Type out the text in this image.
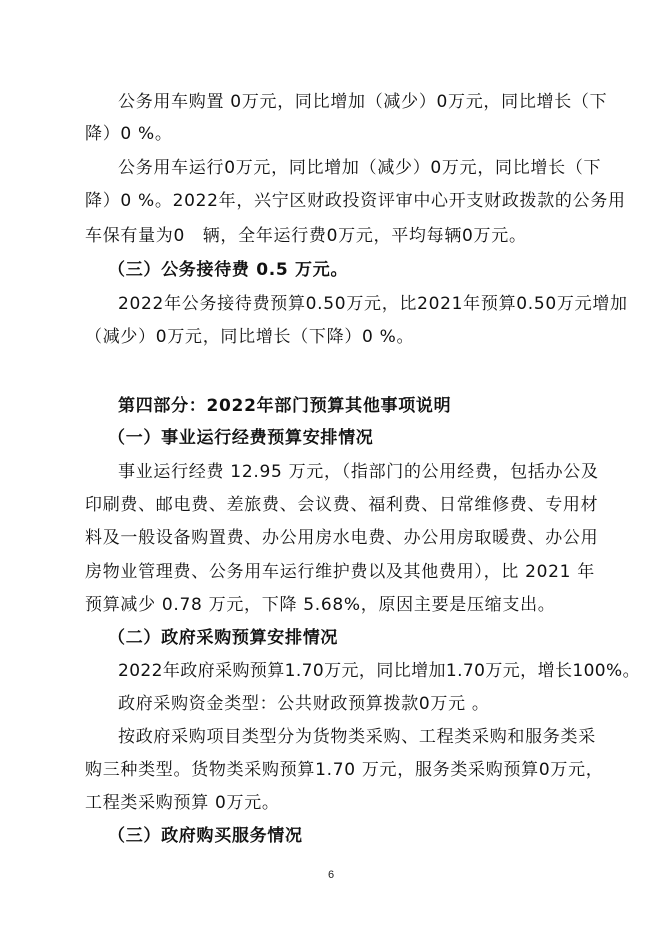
公务用车购置 0万元，同比增加（减少）0万元，同比增长（下

降）0 %。

公务用车运行0万元，同比增加（减少）0万元，同比增长（下

降）0 %。2022年，兴宁区财政投资评审中心开支财政拨款的公务用

车保有量为0　辆，全年运行费0万元，平均每辆0万元。

（三）公务接待费 0.5 万元。

2022年公务接待费预算0.50万元，比2021年预算0.50万元增加

（减少）0万元，同比增长（下降）0 %。

第四部分：2022年部门预算其他事项说明

（一）事业运行经费预算安排情况

事业运行经费 12.95 万元，（指部门的公用经费，包括办公及

印刷费、邮电费、差旅费、会议费、福利费、日常维修费、专用材

料及一般设备购置费、办公用房水电费、办公用房取暖费、办公用

房物业管理费、公务用车运行维护费以及其他费用），比 2021 年

预算减少 0.78 万元，下降 5.68%，原因主要是压缩支出。

（二）政府采购预算安排情况

2022年政府采购预算1.70万元，同比增加1.70万元，增长100%。

政府采购资金类型：公共财政预算拨款0万元 。

按政府采购项目类型分为货物类采购、工程类采购和服务类采

购三种类型。货物类采购预算1.70 万元，服务类采购预算0万元，

工程类采购预算 0万元。

（三）政府购买服务情况

6
